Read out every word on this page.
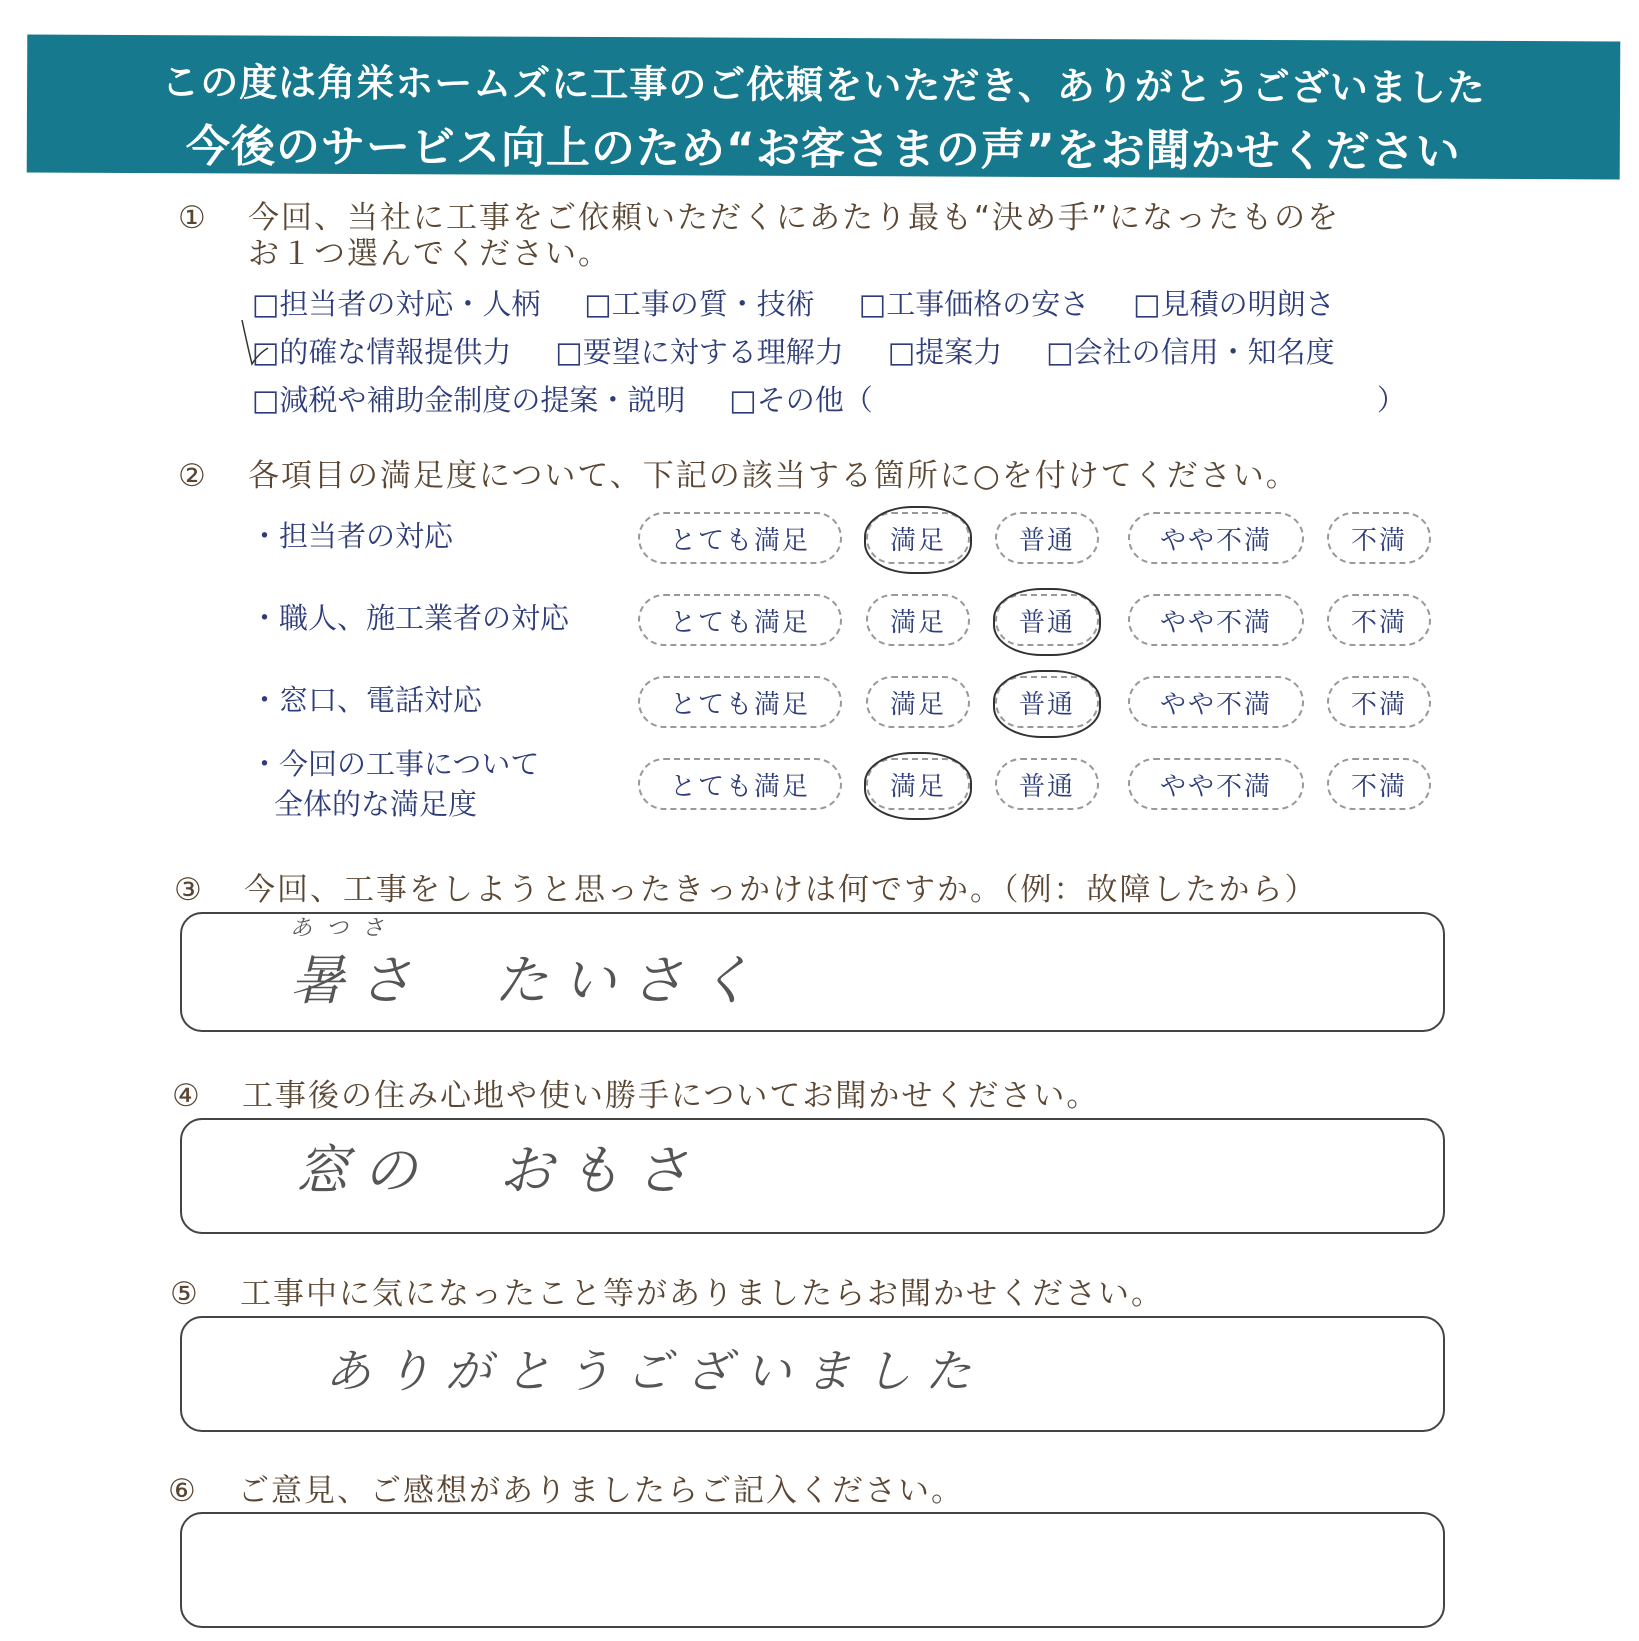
この度は角栄ホームズに工事のご依頼をいただき、ありがとうございました
今後のサービス向上のため“お客さまの声”をお聞かせください
① 今回、当社に工事をご依頼いただくにあたり最も“決め手”になったものを
お１つ選んでください。
□担当者の対応・人柄 □工事の質・技術 □工事価格の安さ □見積の明朗さ
□的確な情報提供力 □要望に対する理解力 □提案力 □会社の信用・知名度
□減税や補助金制度の提案・説明 □その他（	）
② 各項目の満足度について、下記の該当する箇所に○を付けてください。
・担当者の対応	とても満足	満足	普通	やや不満	不満
・職人、施工業者の対応	とても満足	満足	普通	やや不満	不満
・窓口、電話対応	とても満足	満足	普通	やや不満	不満
・今回の工事について
全体的な満足度
とても満足	満足	普通	やや不満	不満
③ 今回、工事をしようと思ったきっかけは何ですか。（例：故障したから）
あつさ
暑さ　たいさく
④ 工事後の住み心地や使い勝手についてお聞かせください。
窓の　おもさ
⑤ 工事中に気になったこと等がありましたらお聞かせください。
ありがとうございました
⑥ ご意見、ご感想がありましたらご記入ください。
